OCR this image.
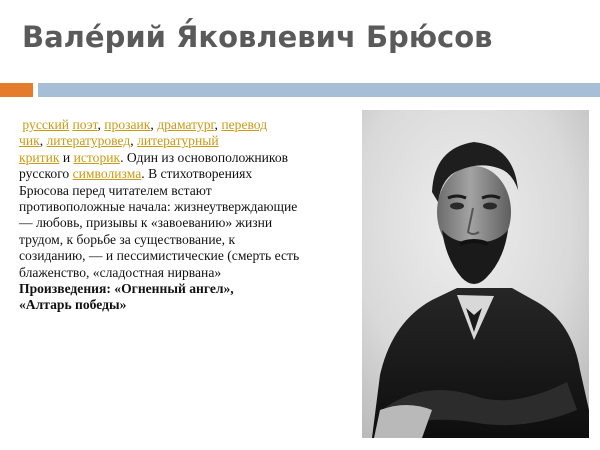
Вале́рий Я́ковлевич Брю́сов
русский поэт, прозаик, драматург, перевод
чик, литературовед, литературный
критик и историк. Один из основоположников русского символизма. В стихотворениях Брюсова перед читателем встают противоположные начала: жизнеутверждающие — любовь, призывы к «завоеванию» жизни трудом, к борьбе за существование, к созиданию, — и пессимистические (смерть есть блаженство, «сладостная нирвана»
Произведения: «Огненный ангел»,
«Алтарь победы»
